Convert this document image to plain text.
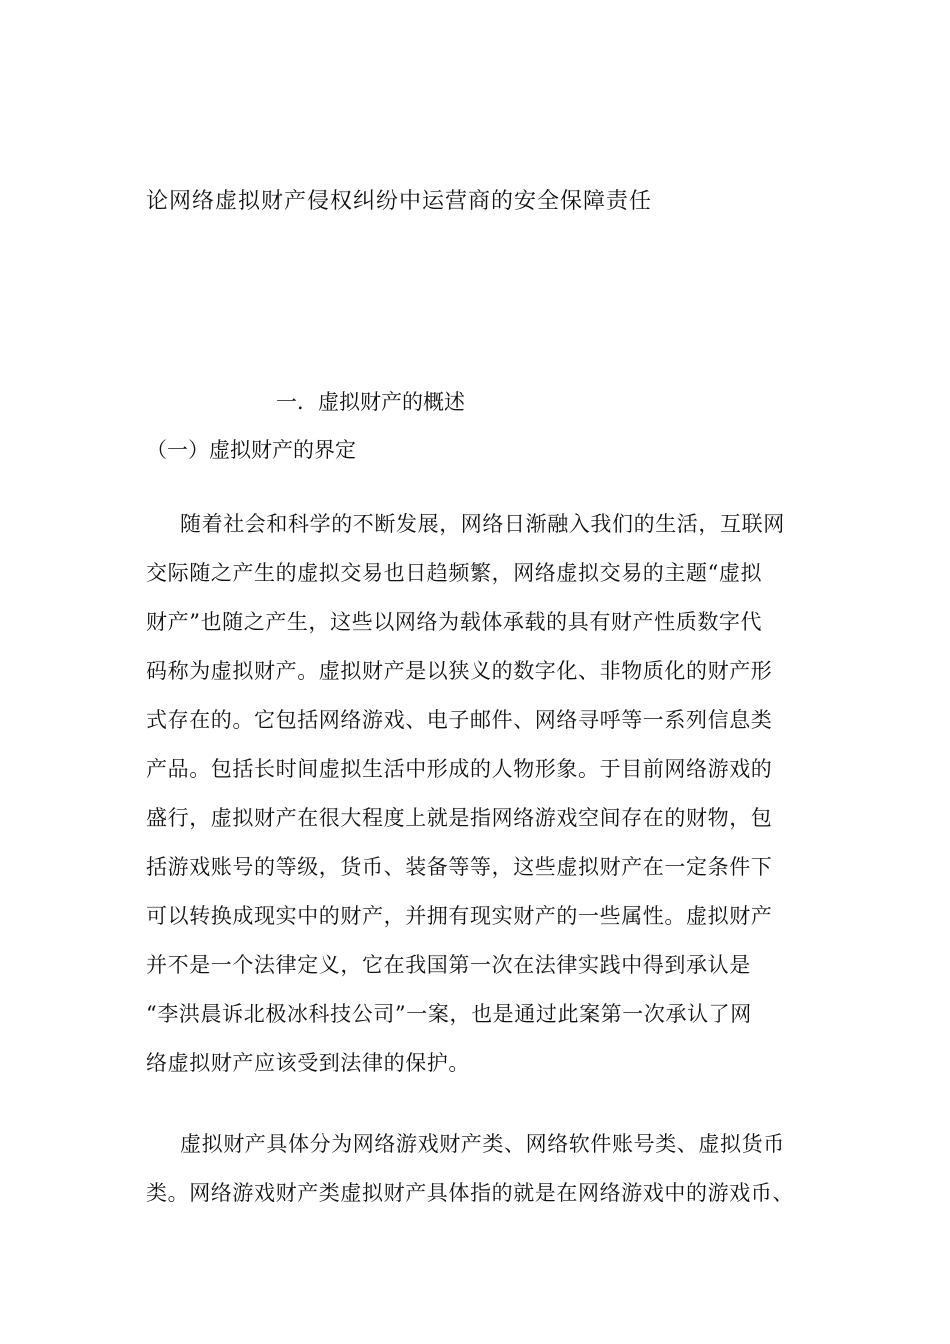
论网络虚拟财产侵权纠纷中运营商的安全保障责任
一．虚拟财产的概述
（一）虚拟财产的界定
随着社会和科学的不断发展，网络日渐融入我们的生活，互联网
交际随之产生的虚拟交易也日趋频繁，网络虚拟交易的主题“虚拟
财产”也随之产生，这些以网络为载体承载的具有财产性质数字代
码称为虚拟财产。虚拟财产是以狭义的数字化、非物质化的财产形
式存在的。它包括网络游戏、电子邮件、网络寻呼等一系列信息类
产品。包括长时间虚拟生活中形成的人物形象。于目前网络游戏的
盛行，虚拟财产在很大程度上就是指网络游戏空间存在的财物，包
括游戏账号的等级，货币、装备等等，这些虚拟财产在一定条件下
可以转换成现实中的财产，并拥有现实财产的一些属性。虚拟财产
并不是一个法律定义，它在我国第一次在法律实践中得到承认是
“李洪晨诉北极冰科技公司”一案，也是通过此案第一次承认了网
络虚拟财产应该受到法律的保护。
虚拟财产具体分为网络游戏财产类、网络软件账号类、虚拟货币
类。网络游戏财产类虚拟财产具体指的就是在网络游戏中的游戏币、
